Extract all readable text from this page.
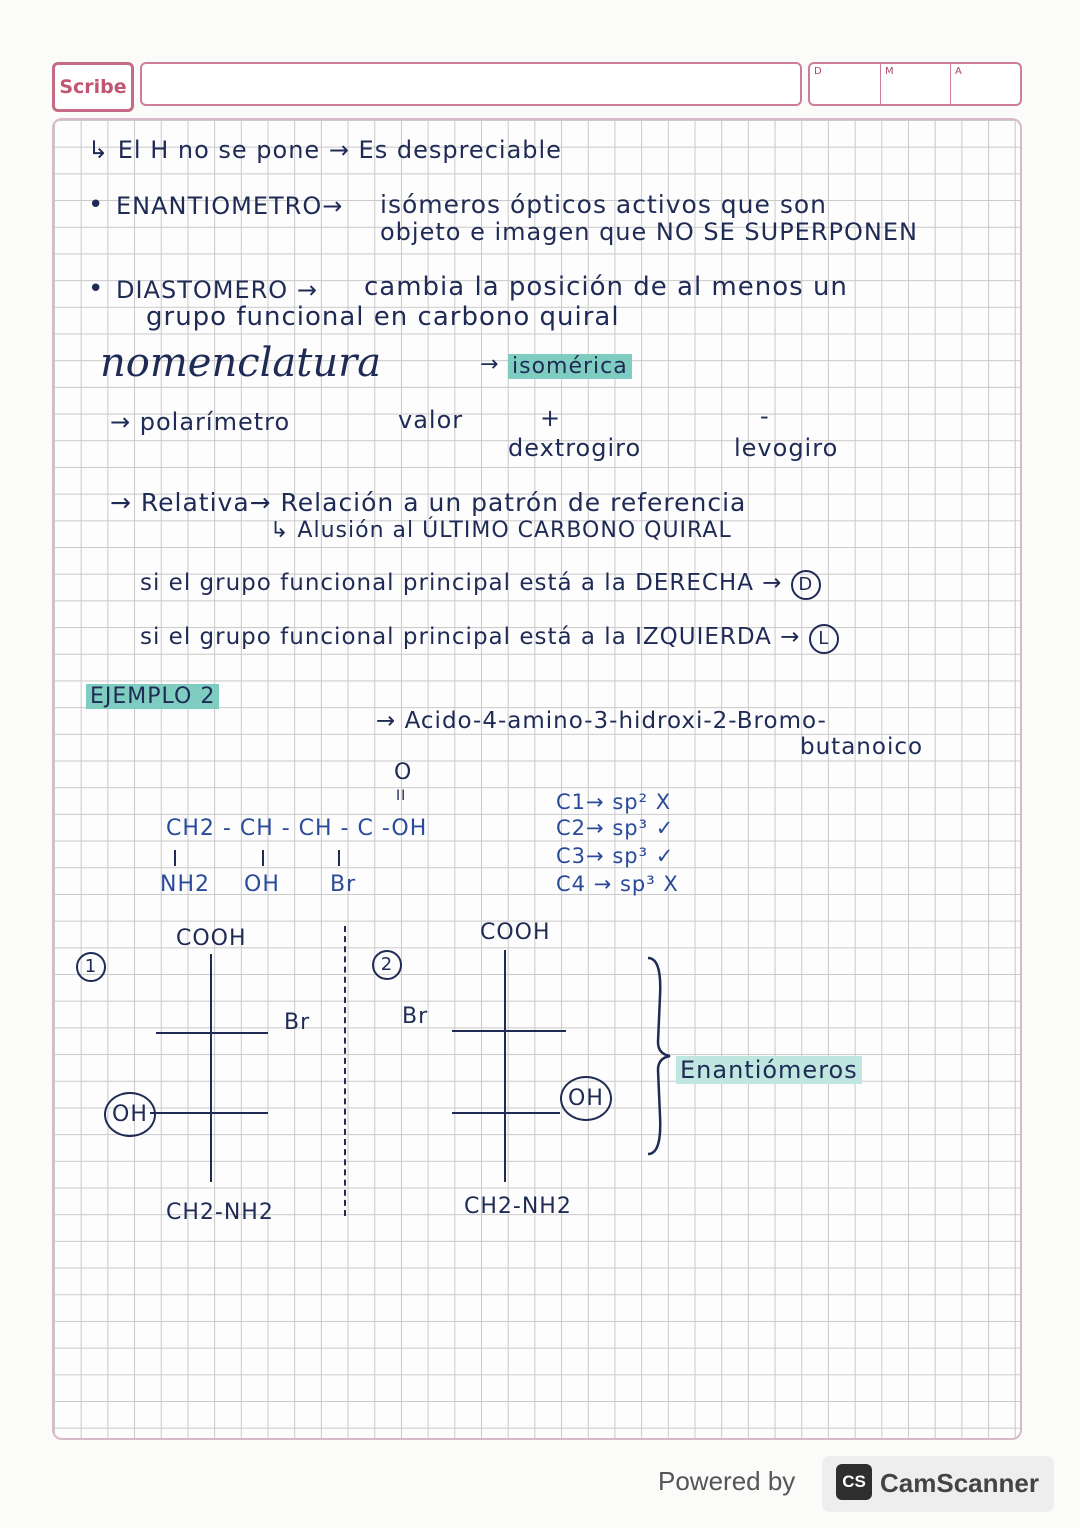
Scribe
D	M	A
↳ El H no se pone → Es despreciable
• ENANTIOMETRO→ isómeros ópticos activos que son
objeto e imagen que NO SE SUPERPONEN
• DIASTOMERO → cambia la posición de al menos un
grupo funcional en carbono quiral
nomenclatura	→ isomérica
→ polarímetro	valor	+	-
dextrogiro	levogiro
→ Relativa→ Relación a un patrón de referencia
↳ Alusión al ÚLTIMO CARBONO QUIRAL
si el grupo funcional principal está a la DERECHA → D
si el grupo funcional principal está a la IZQUIERDA → L
EJEMPLO 2
→ Acido-4-amino-3-hidroxi-2-Bromo-
butanoico
O
II
CH2 - CH - CH - C -OH
NH2 OH Br
C1→ sp² X
C2→ sp³ ✓
C3→ sp³ ✓
C4 → sp³ X
1
COOH
Br
OH
CH2-NH2
2
COOH
Br
OH
CH2-NH2
Enantiómeros
Powered by	CS CamScanner
